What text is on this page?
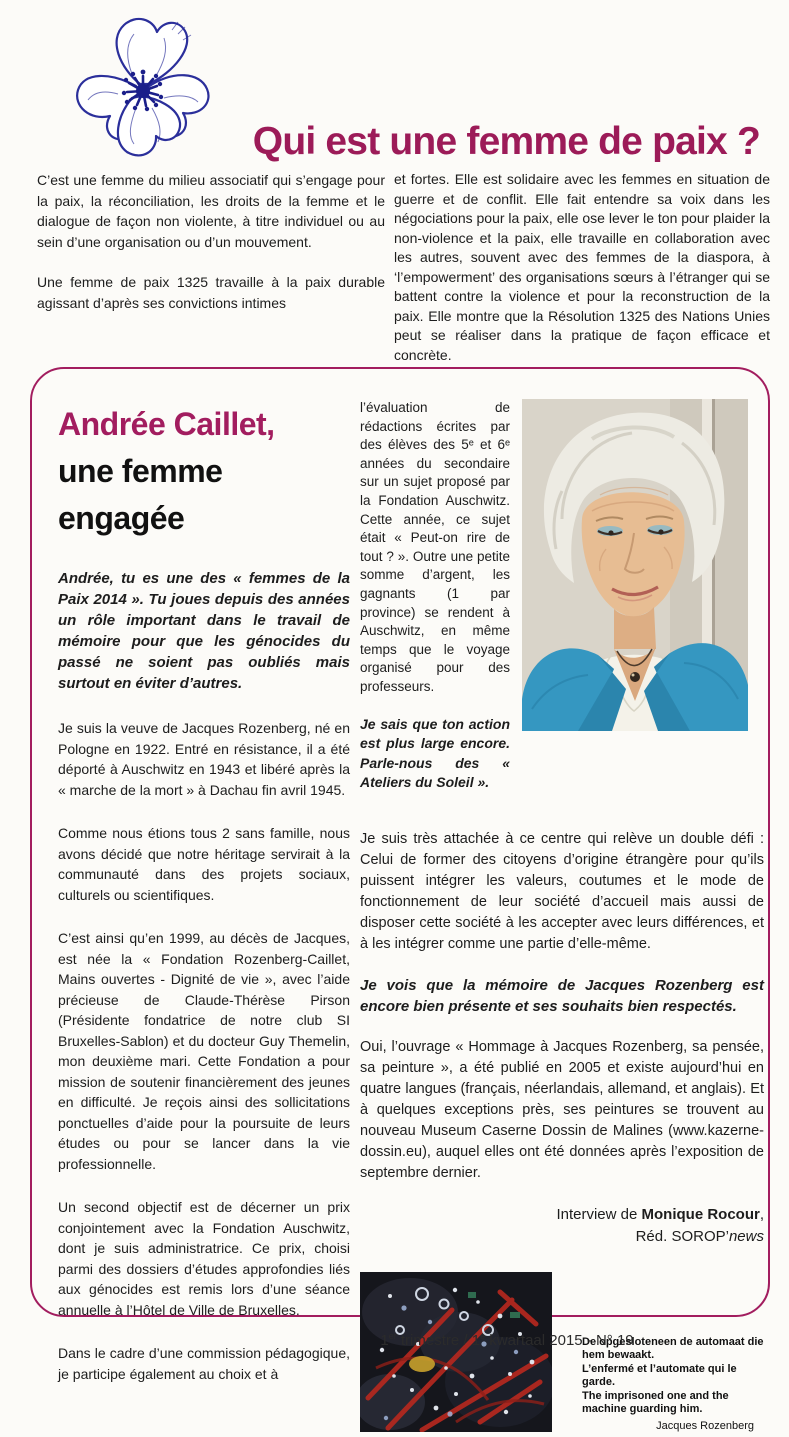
Qui est une femme de paix ?

C’est une femme du milieu associatif qui s’engage pour la paix, la réconciliation, les droits de la femme et le dialogue de façon non violente, à titre individuel ou au sein d’une organisation ou d’un mouvement.

Une femme de paix 1325 travaille à la paix durable agissant d’après ses convictions intimes

et fortes. Elle est solidaire avec les femmes en situation de guerre et de conflit. Elle fait entendre sa voix dans les négociations pour la paix, elle ose lever le ton pour plaider la non-violence et la paix, elle travaille en collaboration avec les autres, souvent avec des femmes de la diaspora, à ‘l’empowerment’ des organisations sœurs à l’étranger qui se battent contre la violence et pour la reconstruction de la paix. Elle montre que la Résolution 1325 des Nations Unies peut se réaliser dans la pratique de façon efficace et concrète.

Andrée Caillet,
une femme engagée

Andrée, tu es une des « femmes de la Paix 2014 ». Tu joues depuis des années un rôle important dans le travail de mémoire pour que les génocides du passé ne soient pas oubliés mais surtout en éviter d’autres.

Je suis la veuve de Jacques Rozenberg, né en Pologne en 1922. Entré en résistance, il a été déporté à Auschwitz en 1943 et libéré après la « marche de la mort » à Dachau fin avril 1945.

Comme nous étions tous 2 sans famille, nous avons décidé que notre héritage servirait à la communauté dans des projets sociaux, culturels ou scientifiques.

C’est ainsi qu’en 1999, au décès de Jacques, est née la « Fondation Rozenberg-Caillet, Mains ouvertes - Dignité de vie », avec l’aide précieuse de Claude-Thérèse Pirson (Présidente fondatrice de notre club SI Bruxelles-Sablon) et du docteur Guy Themelin, mon deuxième mari. Cette Fondation a pour mission de soutenir financièrement des jeunes en difficulté. Je reçois ainsi des sollicitations ponctuelles d’aide pour la poursuite de leurs études ou pour se lancer dans la vie professionnelle.

Un second objectif est de décerner un prix conjointement avec la Fondation Auschwitz, dont je suis administratrice. Ce prix, choisi parmi des dossiers d’études approfondies liés aux génocides est remis lors d’une séance annuelle à l’Hôtel de Ville de Bruxelles.

Dans le cadre d’une commission pédagogique, je participe également au choix et à

l’évaluation de rédactions écrites par des élèves des 5ᵉ et 6ᵉ années du secondaire sur un sujet proposé par la Fondation Auschwitz. Cette année, ce sujet était « Peut-on rire de tout ? ». Outre une petite somme d’argent, les gagnants (1 par province) se rendent à Auschwitz, en même temps que le voyage organisé pour des professeurs.

Je sais que ton action est plus large encore. Parle-nous des « Ateliers du Soleil ».

Je suis très attachée à ce centre qui relève un double défi : Celui de former des citoyens d’origine étrangère pour qu’ils puissent intégrer les valeurs, coutumes et le mode de fonctionnement de leur société d’accueil mais aussi de disposer cette société à les accepter avec leurs différences, et à les intégrer comme une partie d’elle-même.

Je vois que la mémoire de Jacques Rozenberg est encore bien présente et ses souhaits bien respectés.

Oui, l’ouvrage « Hommage à Jacques Rozenberg, sa pensée, sa peinture », a été publié en 2005 et existe aujourd’hui en quatre langues (français, néerlandais, allemand, et anglais). Et à quelques exceptions près, ses peintures se trouvent au nouveau Museum Caserne Dossin de Malines (www.kazerne-dossin.eu), auquel elles ont été données après l’exposition de septembre dernier.

Interview de Monique Rocour,
Réd. SOROP’news
De opgesloteneen de automaat die hem bewaakt.
L’enfermé et l’automate qui le garde.
The imprisoned one and the machine guarding him.
Jacques Rozenberg
1er trimestre / 1e kwartaal 2015 - N° 19
